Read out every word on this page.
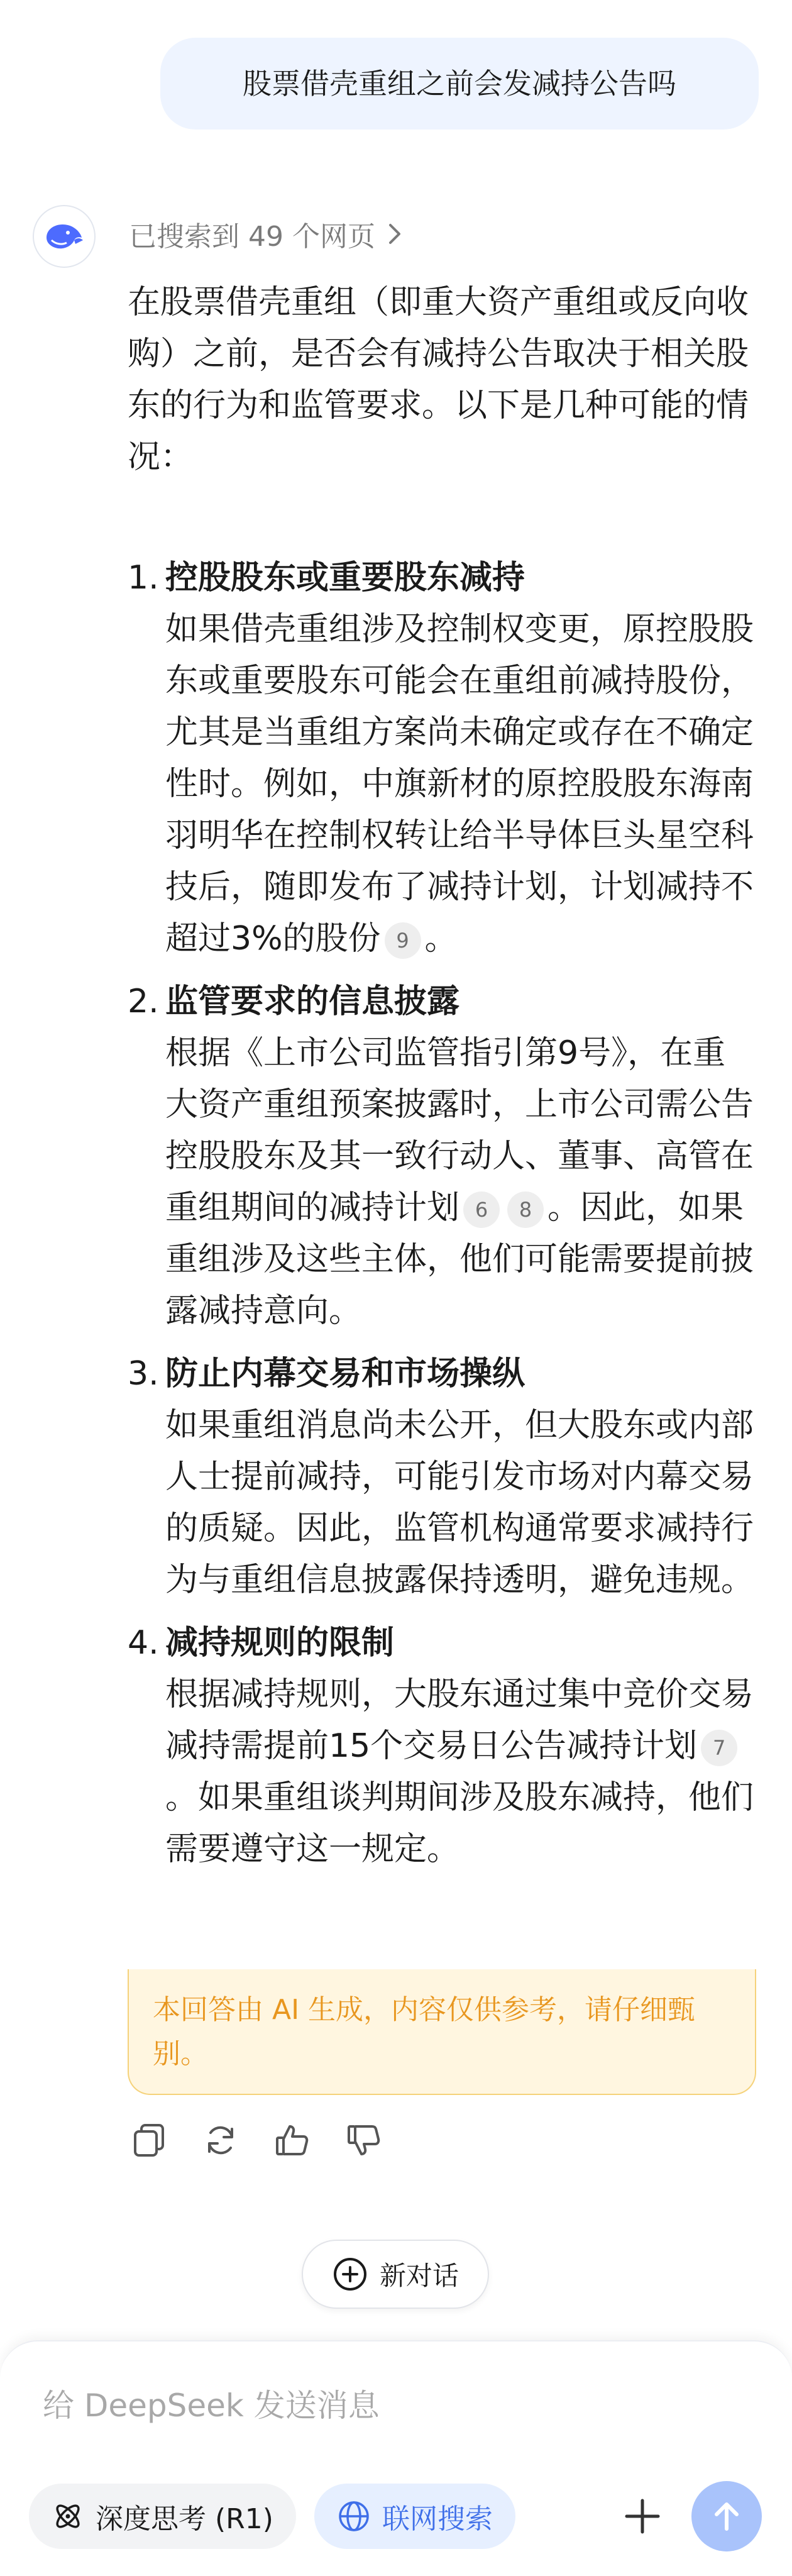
股票借壳重组之前会发减持公告吗
已搜索到 49 个网页

在股票借壳重组（即重大资产重组或反向收购）之前，是否会有减持公告取决于相关股东的行为和监管要求。以下是几种可能的情况：

1. 控股股东或重要股东减持
如果借壳重组涉及控制权变更，原控股股东或重要股东可能会在重组前减持股份，尤其是当重组方案尚未确定或存在不确定性时。例如，中旗新材的原控股股东海南羽明华在控制权转让给半导体巨头星空科技后，随即发布了减持计划，计划减持不超过3%的股份 9 。
2. 监管要求的信息披露
根据《上市公司监管指引第9号》，在重大资产重组预案披露时，上市公司需公告控股股东及其一致行动人、董事、高管在重组期间的减持计划 6 8 。因此，如果重组涉及这些主体，他们可能需要提前披露减持意向。
3. 防止内幕交易和市场操纵
如果重组消息尚未公开，但大股东或内部人士提前减持，可能引发市场对内幕交易的质疑。因此，监管机构通常要求减持行为与重组信息披露保持透明，避免违规。
4. 减持规则的限制
根据减持规则，大股东通过集中竞价交易减持需提前15个交易日公告减持计划 7。如果重组谈判期间涉及股东减持，他们需要遵守这一规定。
本回答由 AI 生成，内容仅供参考，请仔细甄别。
新对话
给 DeepSeek 发送消息
深度思考 (R1)	联网搜索
